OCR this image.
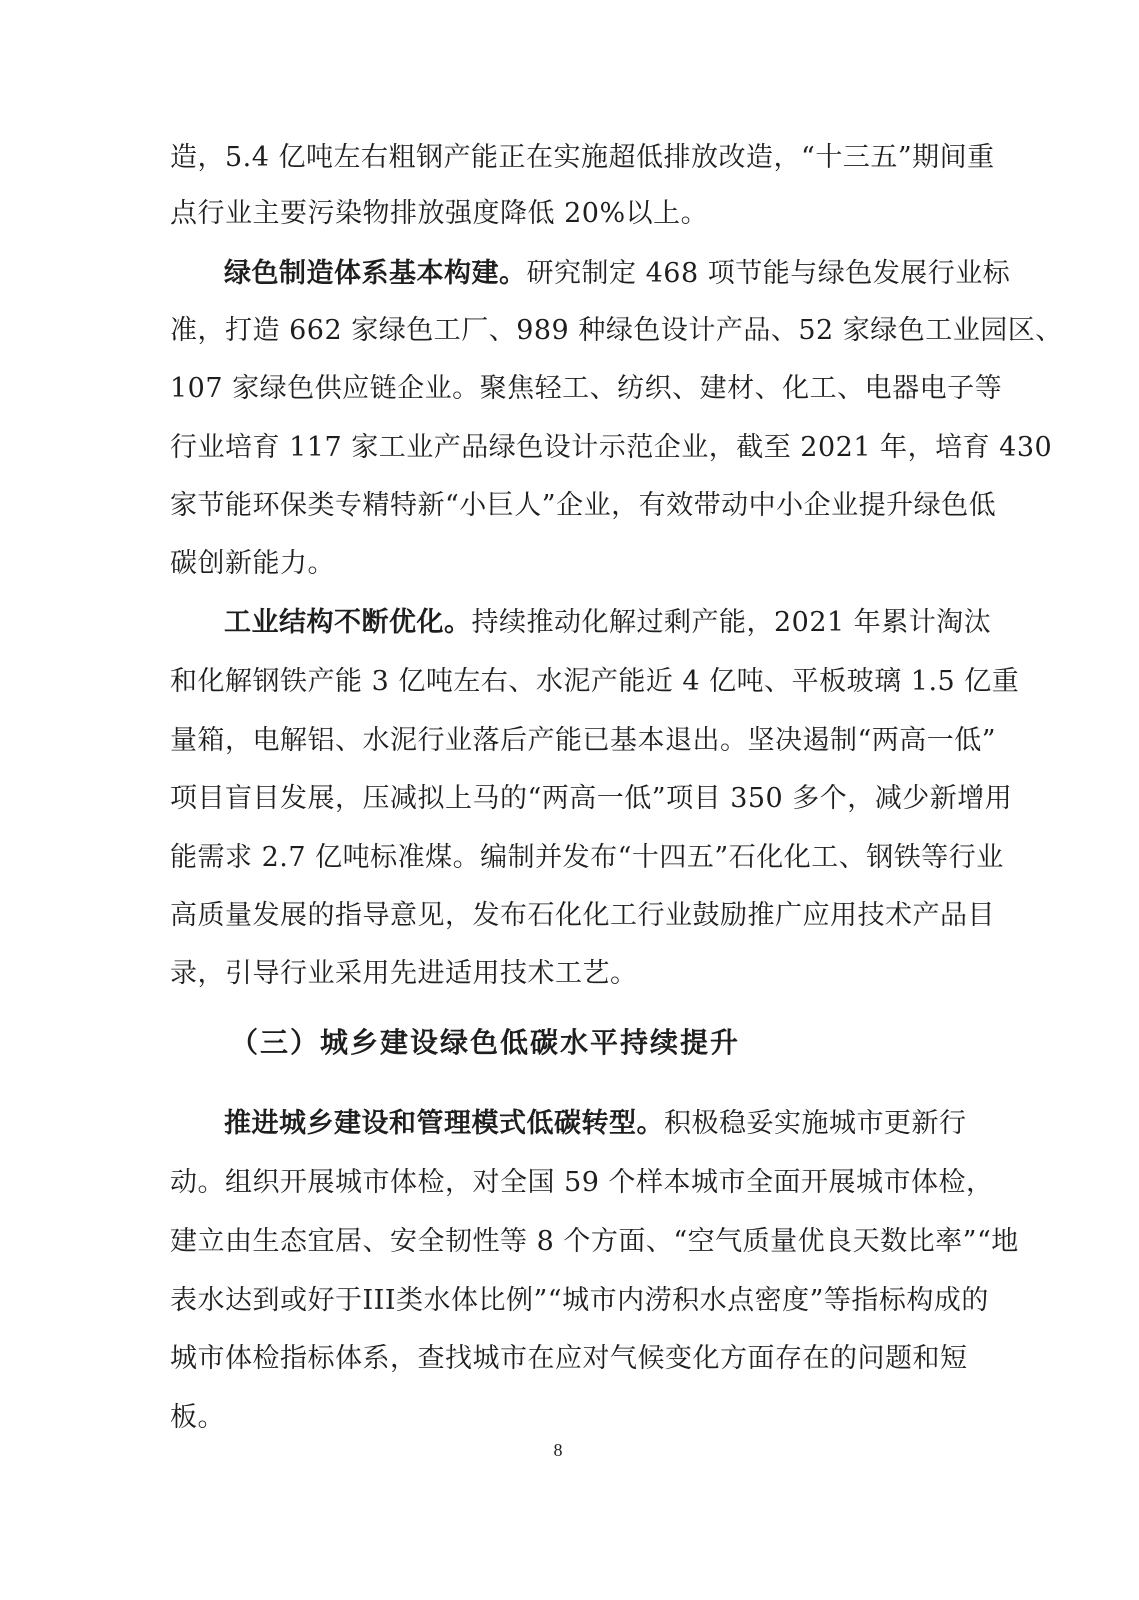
造，5.4 亿吨左右粗钢产能正在实施超低排放改造，“十三五”期间重
点行业主要污染物排放强度降低 20%以上。
绿色制造体系基本构建。研究制定 468 项节能与绿色发展行业标
准，打造 662 家绿色工厂、989 种绿色设计产品、52 家绿色工业园区、
107 家绿色供应链企业。聚焦轻工、纺织、建材、化工、电器电子等
行业培育 117 家工业产品绿色设计示范企业，截至 2021 年，培育 430
家节能环保类专精特新“小巨人”企业，有效带动中小企业提升绿色低
碳创新能力。
工业结构不断优化。持续推动化解过剩产能，2021 年累计淘汰
和化解钢铁产能 3 亿吨左右、水泥产能近 4 亿吨、平板玻璃 1.5 亿重
量箱，电解铝、水泥行业落后产能已基本退出。坚决遏制“两高一低”
项目盲目发展，压减拟上马的“两高一低”项目 350 多个，减少新增用
能需求 2.7 亿吨标准煤。编制并发布“十四五”石化化工、钢铁等行业
高质量发展的指导意见，发布石化化工行业鼓励推广应用技术产品目
录，引导行业采用先进适用技术工艺。
（三）城乡建设绿色低碳水平持续提升
推进城乡建设和管理模式低碳转型。积极稳妥实施城市更新行
动。组织开展城市体检，对全国 59 个样本城市全面开展城市体检，
建立由生态宜居、安全韧性等 8 个方面、“空气质量优良天数比率”“地
表水达到或好于III类水体比例”“城市内涝积水点密度”等指标构成的
城市体检指标体系，查找城市在应对气候变化方面存在的问题和短
板。
8
